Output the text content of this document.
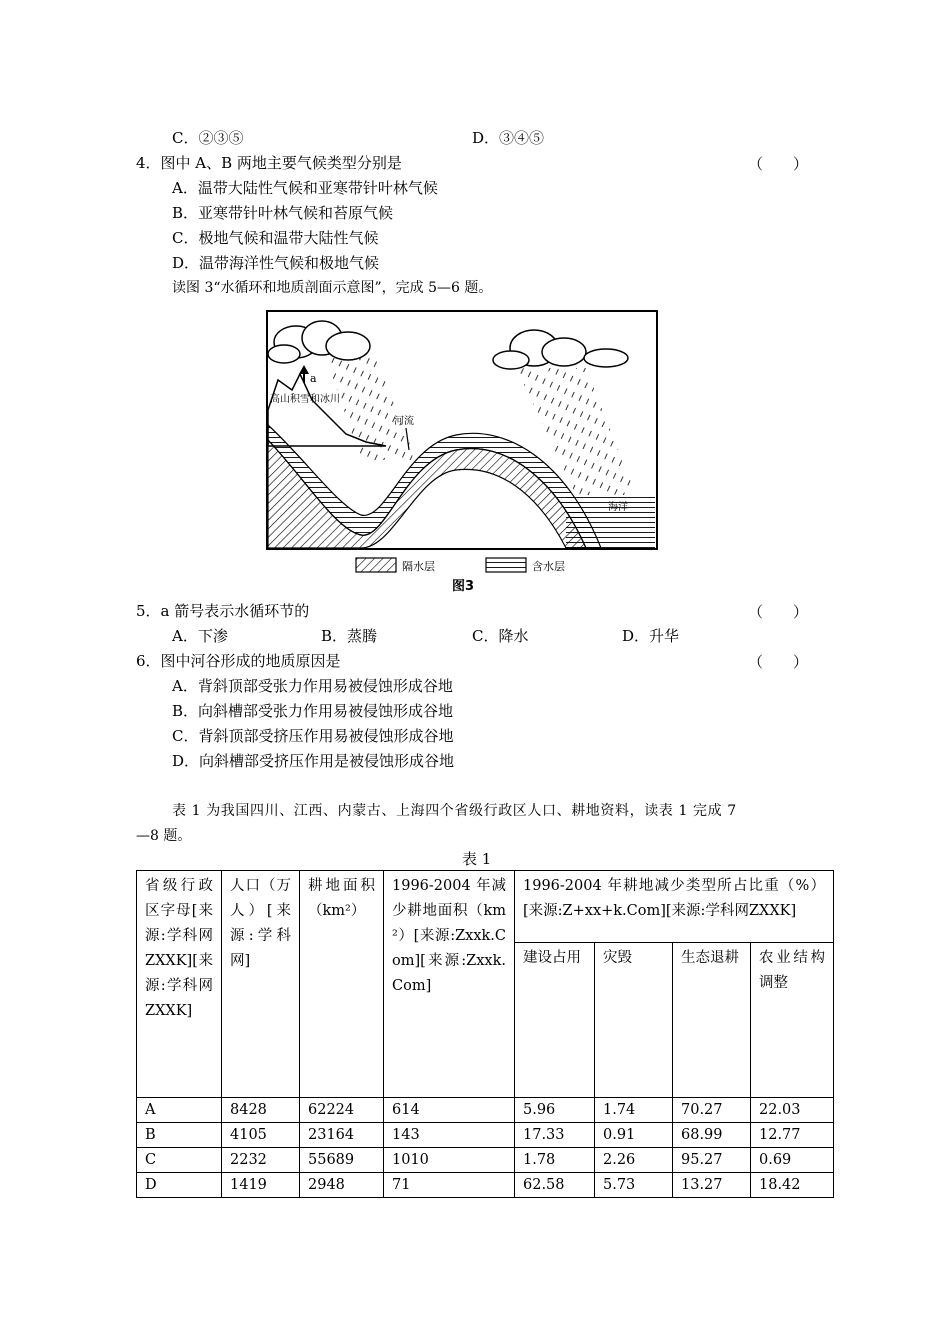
C．②③⑤	D．③④⑤
4．图中 A、B 两地主要气候类型分别是	（　　）
A．温带大陆性气候和亚寒带针叶林气候
B．亚寒带针叶林气候和苔原气候
C．极地气候和温带大陆性气候
D．温带海洋性气候和极地气候
读图 3“水循环和地质剖面示意图”，完成 5—6 题。
a
高山积雪和冰川
河流
海洋
隔水层	含水层
图3
5．a 箭号表示水循环节的	（　　）
A．下渗	B．蒸腾	C．降水	D．升华
6．图中河谷形成的地质原因是	（　　）
A．背斜顶部受张力作用易被侵蚀形成谷地
B．向斜槽部受张力作用易被侵蚀形成谷地
C．背斜顶部受挤压作用易被侵蚀形成谷地
D．向斜槽部受挤压作用是被侵蚀形成谷地
表 1 为我国四川、江西、内蒙古、上海四个省级行政区人口、耕地资料，读表 1 完成 7
—8 题。
表 1
省级行政区字母[来源:学科网ZXXK][来源:学科网ZXXK]	人口（万人）[来源:学科网]	耕地面积（km²）	1996-2004 年减少耕地面积（km²）[来源:Zxxk.Com][来源:Zxxk.Com]	1996-2004 年耕地减少类型所占比重（%）[来源:Z+xx+k.Com][来源:学科网ZXXK]			
				建设占用	灾毁	生态退耕	农业结构调整
A	8428	62224	614	5.96	1.74	70.27	22.03
B	4105	23164	143	17.33	0.91	68.99	12.77
C	2232	55689	1010	1.78	2.26	95.27	0.69
D	1419	2948	71	62.58	5.73	13.27	18.42
